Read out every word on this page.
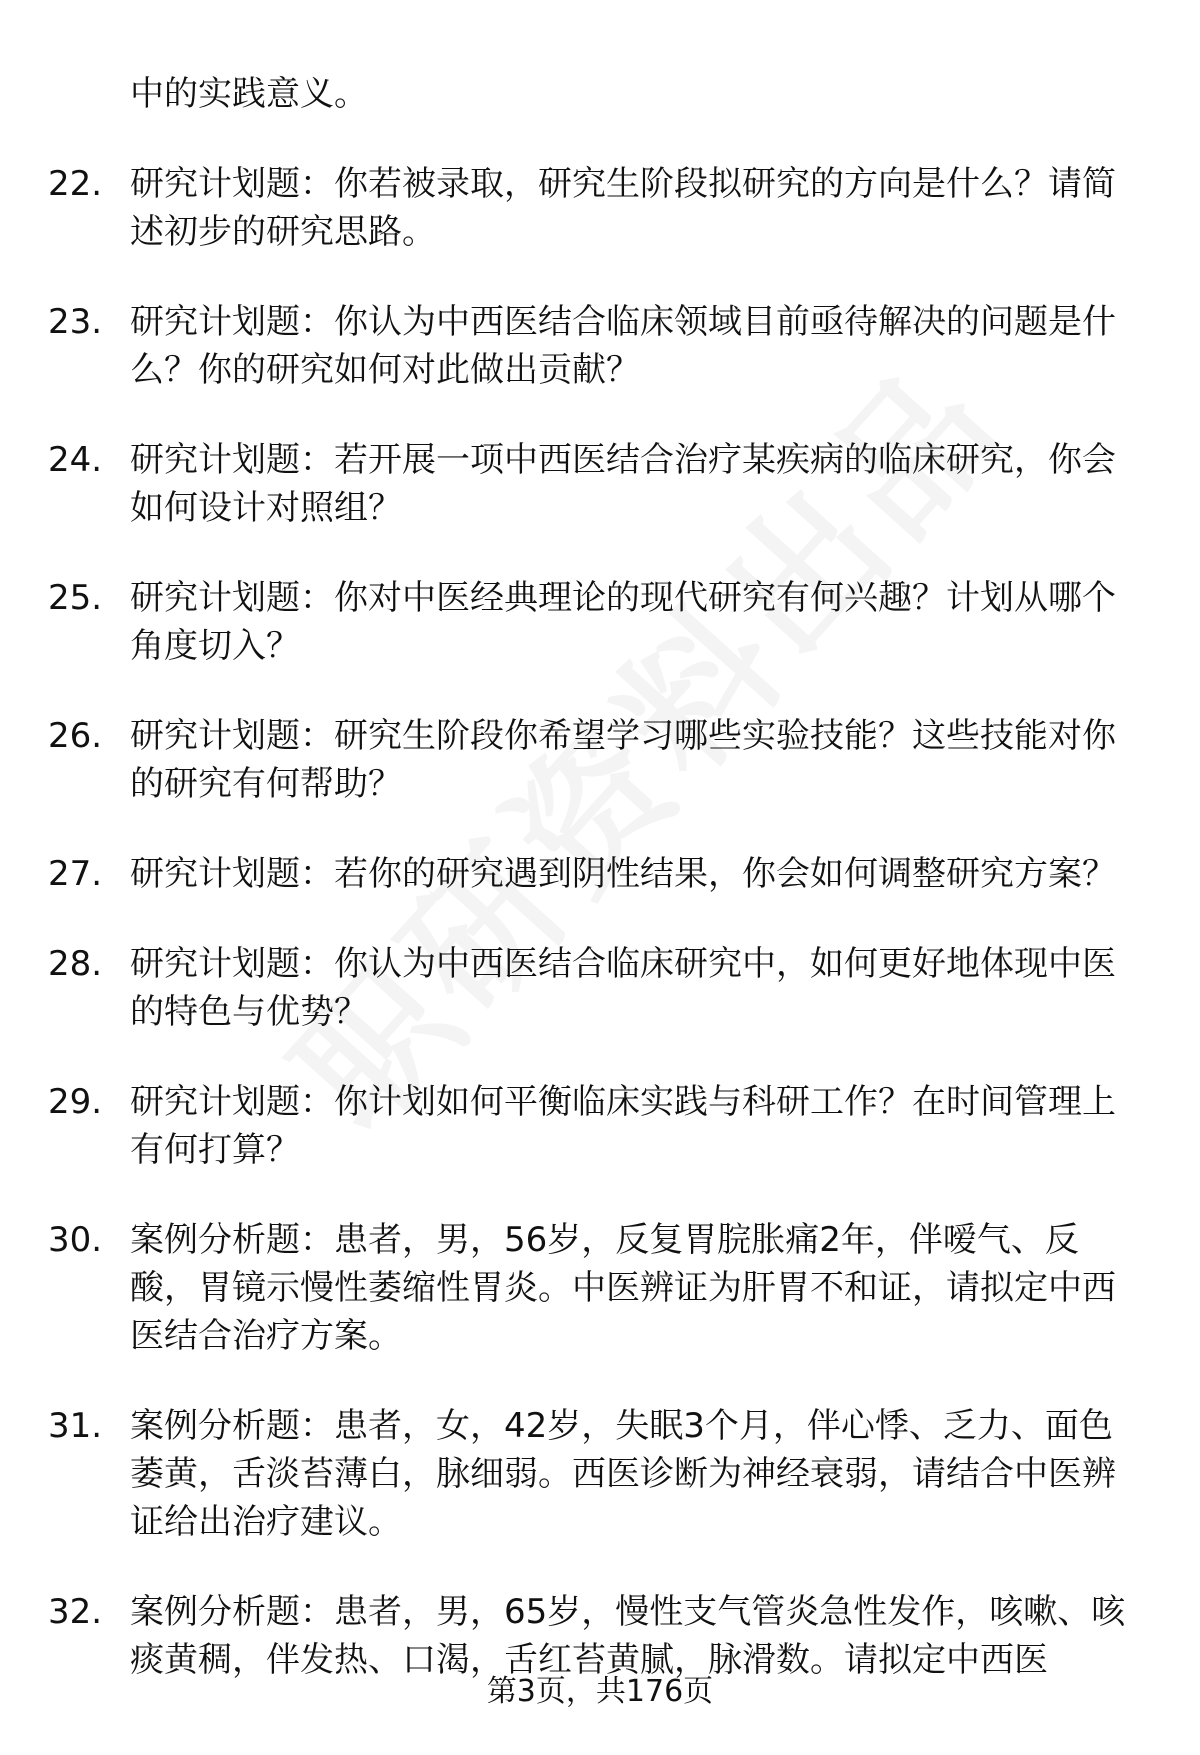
中的实践意义。
22. 研究计划题：你若被录取，研究生阶段拟研究的方向是什么？请简述初步的研究思路。
23. 研究计划题：你认为中西医结合临床领域目前亟待解决的问题是什么？你的研究如何对此做出贡献？
24. 研究计划题：若开展一项中西医结合治疗某疾病的临床研究，你会如何设计对照组？
25. 研究计划题：你对中医经典理论的现代研究有何兴趣？计划从哪个角度切入？
26. 研究计划题：研究生阶段你希望学习哪些实验技能？这些技能对你的研究有何帮助？
27. 研究计划题：若你的研究遇到阴性结果，你会如何调整研究方案？
28. 研究计划题：你认为中西医结合临床研究中，如何更好地体现中医的特色与优势？
29. 研究计划题：你计划如何平衡临床实践与科研工作？在时间管理上有何打算？
30. 案例分析题：患者，男，56岁，反复胃脘胀痛2年，伴嗳气、反酸，胃镜示慢性萎缩性胃炎。中医辨证为肝胃不和证，请拟定中西医结合治疗方案。
31. 案例分析题：患者，女，42岁，失眠3个月，伴心悸、乏力、面色萎黄，舌淡苔薄白，脉细弱。西医诊断为神经衰弱，请结合中医辨证给出治疗建议。
32. 案例分析题：患者，男，65岁，慢性支气管炎急性发作，咳嗽、咳痰黄稠，伴发热、口渴，舌红苔黄腻，脉滑数。请拟定中西医
第3页，共176页
